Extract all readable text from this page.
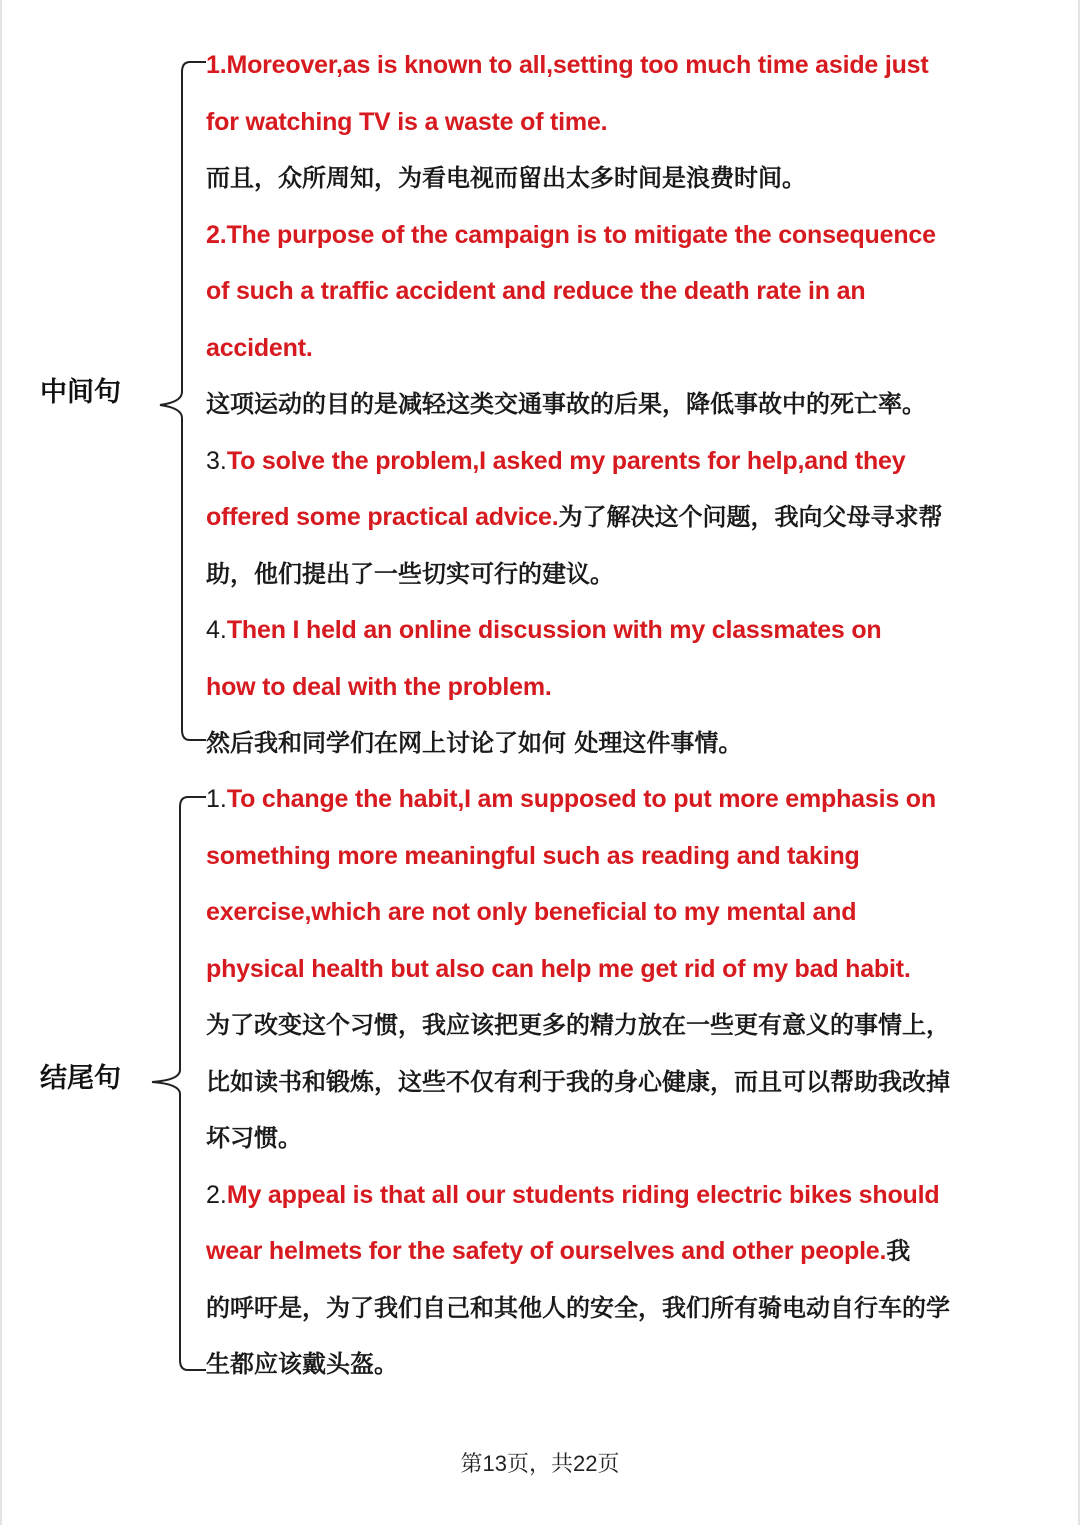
中间句
1.Moreover,as is known to all,setting too much time aside just
for watching TV is a waste of time.
而且，众所周知，为看电视而留出太多时间是浪费时间。
2.The purpose of the campaign is to mitigate the consequence
of such a traffic accident and reduce the death rate in an
accident.
这项运动的目的是减轻这类交通事故的后果，降低事故中的死亡率。
3.To solve the problem,I asked my parents for help,and they
offered some practical advice.为了解决这个问题，我向父母寻求帮
助，他们提出了一些切实可行的建议。
4.Then I held an online discussion with my classmates on
how to deal with the problem.
然后我和同学们在网上讨论了如何 处理这件事情。
结尾句
1.To change the habit,I am supposed to put more emphasis on
something more meaningful such as reading and taking
exercise,which are not only beneficial to my mental and
physical health but also can help me get rid of my bad habit.
为了改变这个习惯，我应该把更多的精力放在一些更有意义的事情上，
比如读书和锻炼，这些不仅有利于我的身心健康，而且可以帮助我改掉
坏习惯。
2.My appeal is that all our students riding electric bikes should
wear helmets for the safety of ourselves and other people.我
的呼吁是，为了我们自己和其他人的安全，我们所有骑电动自行车的学
生都应该戴头盔。
第13页，共22页
